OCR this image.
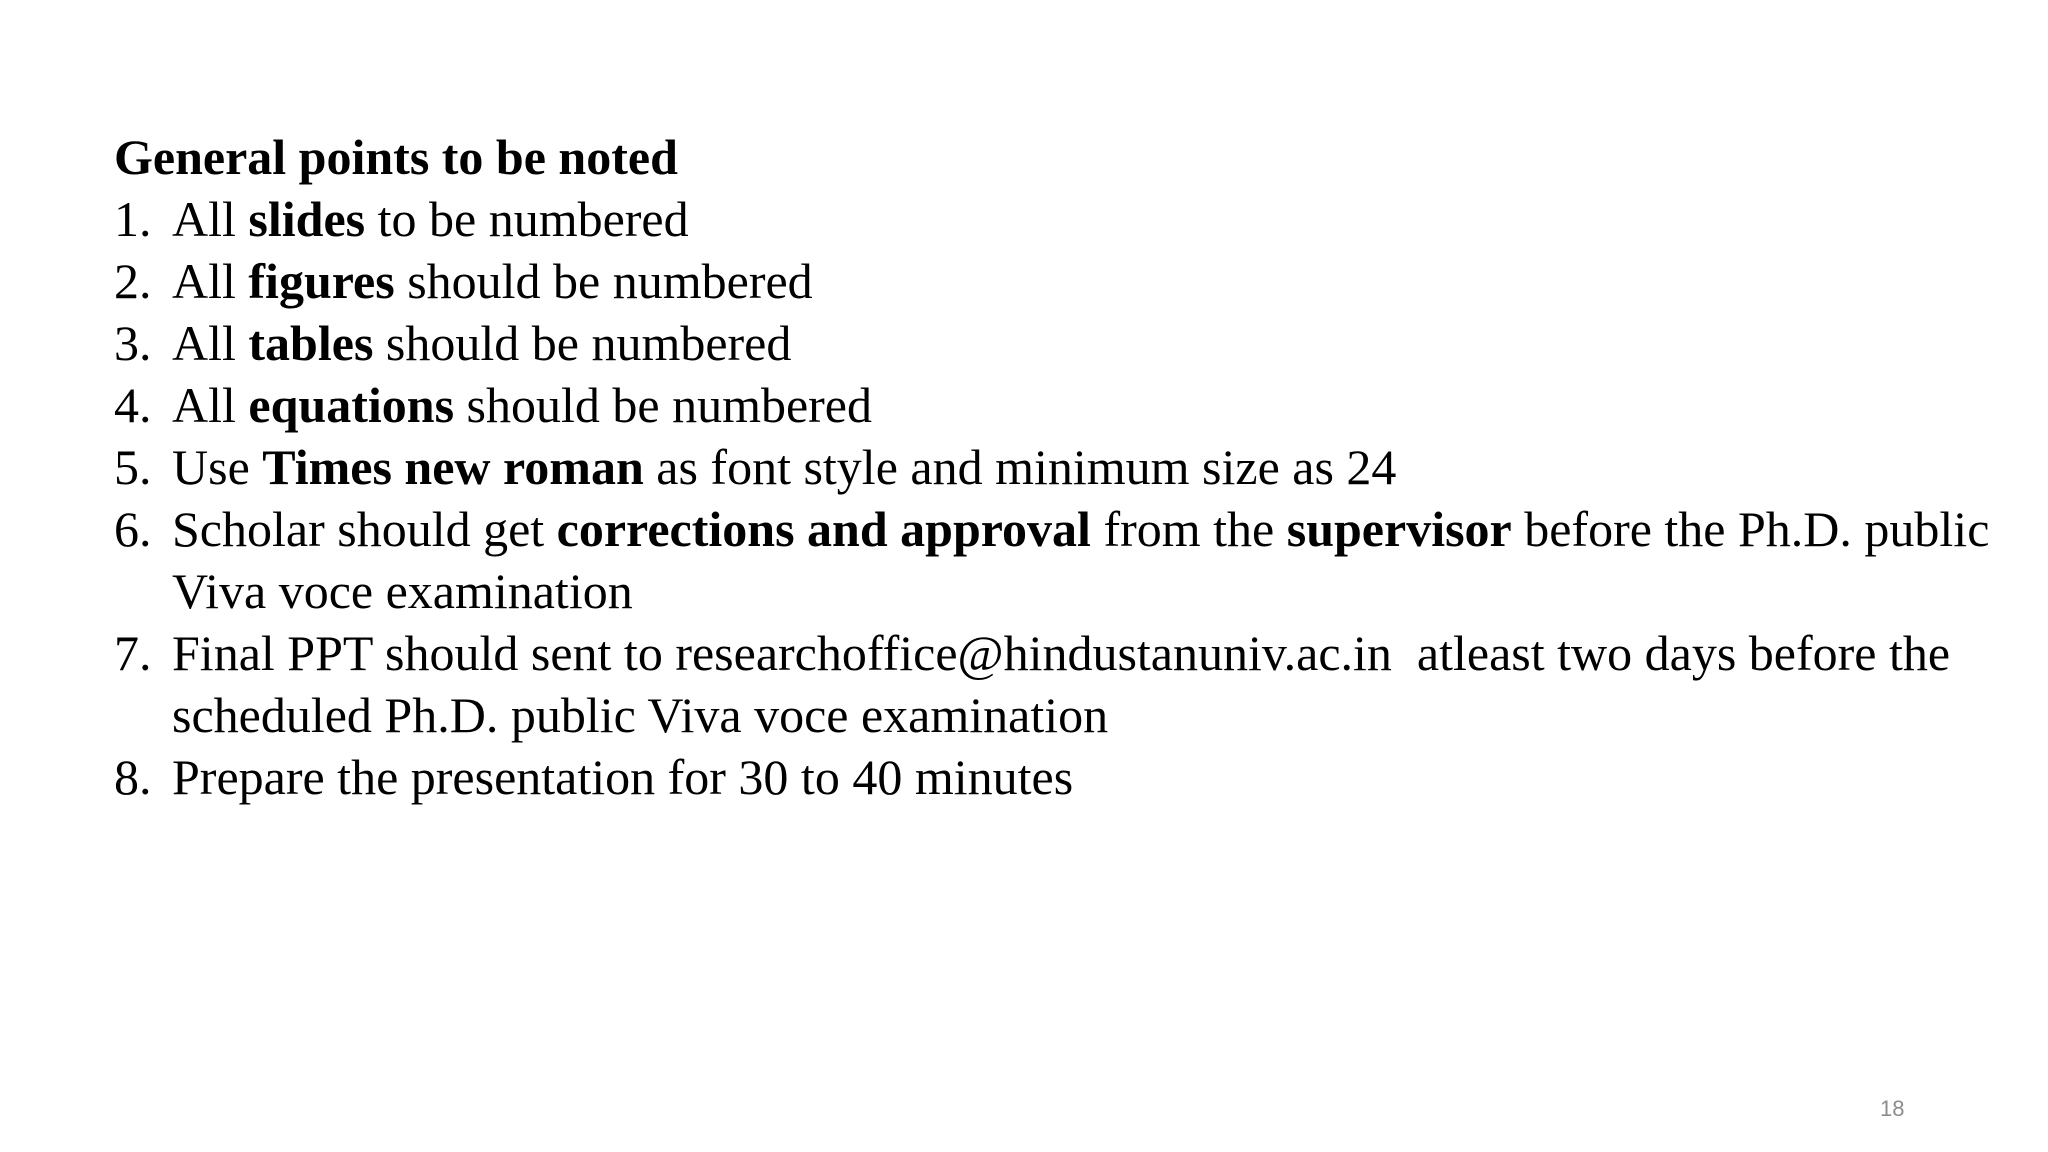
General points to be noted

1. All slides to be numbered
2. All figures should be numbered
3. All tables should be numbered
4. All equations should be numbered
5. Use Times new roman as font style and minimum size as 24
6. Scholar should get corrections and approval from the supervisor before the Ph.D. public Viva voce examination
7. Final PPT should sent to researchoffice@hindustanuniv.ac.in  atleast two days before the scheduled Ph.D. public Viva voce examination
8. Prepare the presentation for 30 to 40 minutes
18
